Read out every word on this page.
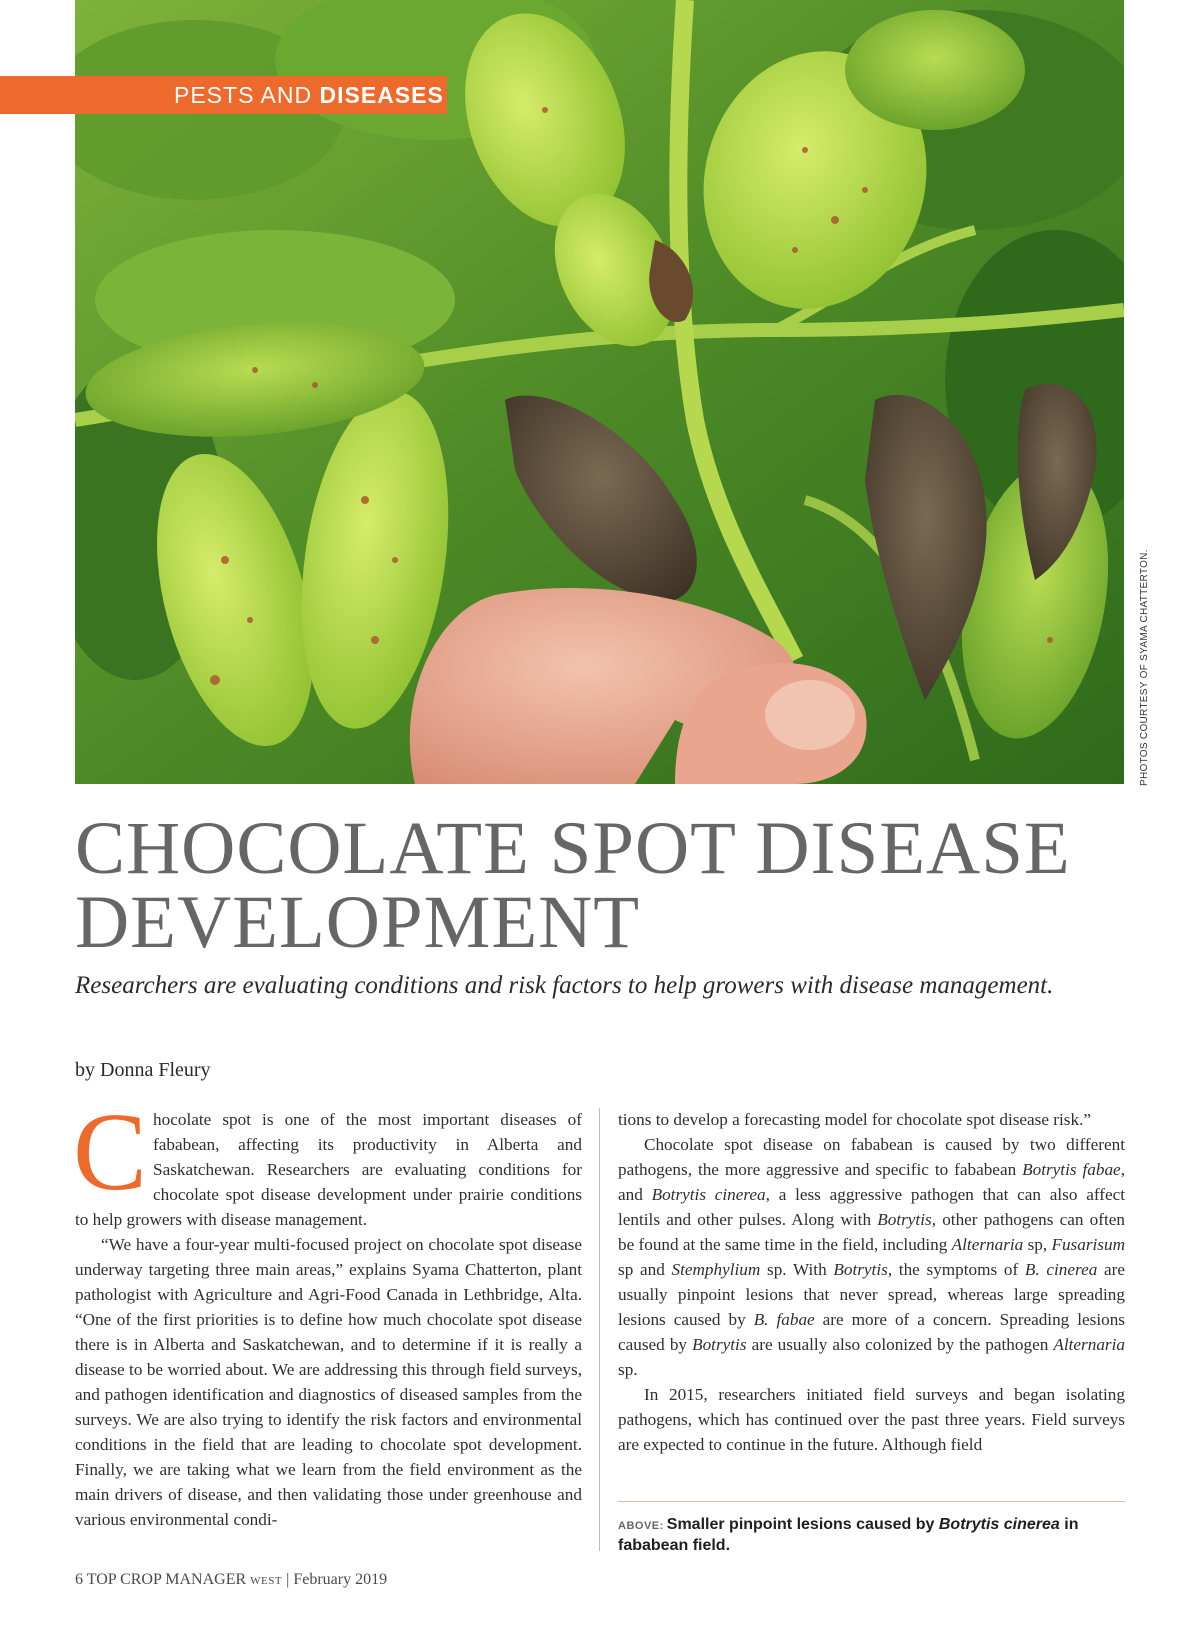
PESTS AND DISEASES
PHOTOS COURTESY OF SYAMA CHATTERTON.
CHOCOLATE SPOT DISEASE
DEVELOPMENT
Researchers are evaluating conditions and risk factors to help growers with disease management.
by Donna Fleury

Chocolate spot is one of the most important diseases of fababean, affecting its productivity in Alberta and Saskatchewan. Researchers are evaluating conditions for chocolate spot disease development under prairie conditions to help growers with disease management.

“We have a four-year multi-focused project on chocolate spot disease underway targeting three main areas,” explains Syama Chatterton, plant pathologist with Agriculture and Agri-Food Canada in Lethbridge, Alta. “One of the first priorities is to define how much chocolate spot disease there is in Alberta and Saskatchewan, and to determine if it is really a disease to be worried about. We are addressing this through field surveys, and pathogen identification and diagnostics of diseased samples from the surveys. We are also trying to identify the risk factors and environmental conditions in the field that are leading to chocolate spot development. Finally, we are taking what we learn from the field environment as the main drivers of disease, and then validating those under greenhouse and various environmental condi-

tions to develop a forecasting model for chocolate spot disease risk.”

Chocolate spot disease on fababean is caused by two different pathogens, the more aggressive and specific to fababean Botrytis fabae, and Botrytis cinerea, a less aggressive pathogen that can also affect lentils and other pulses. Along with Botrytis, other pathogens can often be found at the same time in the field, including Alternaria sp, Fusarisum sp and Stemphylium sp. With Botrytis, the symptoms of B. cinerea are usually pinpoint lesions that never spread, whereas large spreading lesions caused by B. fabae are more of a concern. Spreading lesions caused by Botrytis are usually also colonized by the pathogen Alternaria sp.

In 2015, researchers initiated field surveys and began isolating pathogens, which has continued over the past three years. Field surveys are expected to continue in the future. Although field

ABOVE: Smaller pinpoint lesions caused by Botrytis cinerea in fababean field.
6 TOP CROP MANAGER WEST | February 2019
